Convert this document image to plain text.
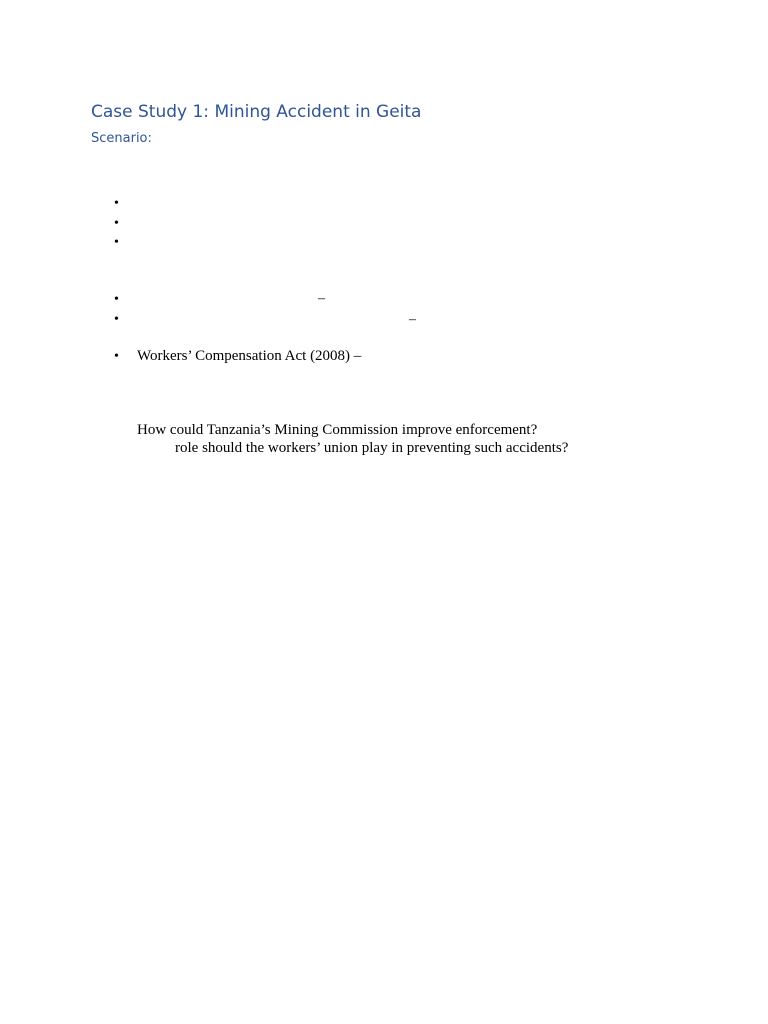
Case Study 1: Mining Accident in Geita
Scenario:
•
•
•
•	–
•	–
• Workers’ Compensation Act (2008) –
How could Tanzania’s Mining Commission improve enforcement?
role should the workers’ union play in preventing such accidents?
